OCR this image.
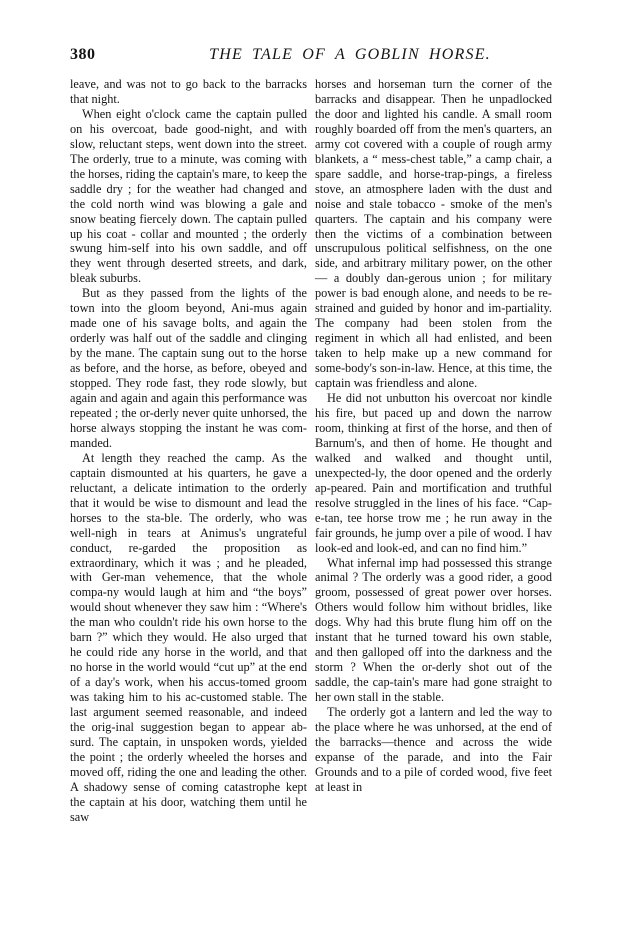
380	THE TALE OF A GOBLIN HORSE.

leave, and was not to go back to the barracks that night.

When eight o'clock came the captain pulled on his overcoat, bade good-night, and with slow, reluctant steps, went down into the street. The orderly, true to a minute, was coming with the horses, riding the captain's mare, to keep the saddle dry ; for the weather had changed and the cold north wind was blowing a gale and snow beating fiercely down. The captain pulled up his coat - collar and mounted ; the orderly swung him-self into his own saddle, and off they went through deserted streets, and dark, bleak suburbs.

But as they passed from the lights of the town into the gloom beyond, Ani-mus again made one of his savage bolts, and again the orderly was half out of the saddle and clinging by the mane. The captain sung out to the horse as before, and the horse, as before, obeyed and stopped. They rode fast, they rode slowly, but again and again and again this performance was repeated ; the or-derly never quite unhorsed, the horse always stopping the instant he was com-manded.

At length they reached the camp. As the captain dismounted at his quarters, he gave a reluctant, a delicate intimation to the orderly that it would be wise to dismount and lead the horses to the sta-ble. The orderly, who was well-nigh in tears at Animus's ungrateful conduct, re-garded the proposition as extraordinary, which it was ; and he pleaded, with Ger-man vehemence, that the whole compa-ny would laugh at him and “the boys” would shout whenever they saw him : “Where's the man who couldn't ride his own horse to the barn ?” which they would. He also urged that he could ride any horse in the world, and that no horse in the world would “cut up” at the end of a day's work, when his accus-tomed groom was taking him to his ac-customed stable. The last argument seemed reasonable, and indeed the orig-inal suggestion began to appear ab-surd. The captain, in unspoken words, yielded the point ; the orderly wheeled the horses and moved off, riding the one and leading the other. A shadowy sense of coming catastrophe kept the captain at his door, watching them until he saw

horses and horseman turn the corner of the barracks and disappear. Then he unpadlocked the door and lighted his candle. A small room roughly boarded off from the men's quarters, an army cot covered with a couple of rough army blankets, a “ mess-chest table,” a camp chair, a spare saddle, and horse-trap-pings, a fireless stove, an atmosphere laden with the dust and noise and stale tobacco - smoke of the men's quarters. The captain and his company were then the victims of a combination between unscrupulous political selfishness, on the one side, and arbitrary military power, on the other — a doubly dan-gerous union ; for military power is bad enough alone, and needs to be re-strained and guided by honor and im-partiality. The company had been stolen from the regiment in which all had enlisted, and been taken to help make up a new command for some-body's son-in-law. Hence, at this time, the captain was friendless and alone.

He did not unbutton his overcoat nor kindle his fire, but paced up and down the narrow room, thinking at first of the horse, and then of Barnum's, and then of home. He thought and walked and walked and thought until, unexpected-ly, the door opened and the orderly ap-peared. Pain and mortification and truthful resolve struggled in the lines of his face. “Cap-e-tan, tee horse trow me ; he run away in the fair grounds, he jump over a pile of wood. I hav look-ed and look-ed, and can no find him.”

What infernal imp had possessed this strange animal ? The orderly was a good rider, a good groom, possessed of great power over horses. Others would follow him without bridles, like dogs. Why had this brute flung him off on the instant that he turned toward his own stable, and then galloped off into the darkness and the storm ? When the or-derly shot out of the saddle, the cap-tain's mare had gone straight to her own stall in the stable.

The orderly got a lantern and led the way to the place where he was unhorsed, at the end of the barracks—thence and across the wide expanse of the parade, and into the Fair Grounds and to a pile of corded wood, five feet at least in
